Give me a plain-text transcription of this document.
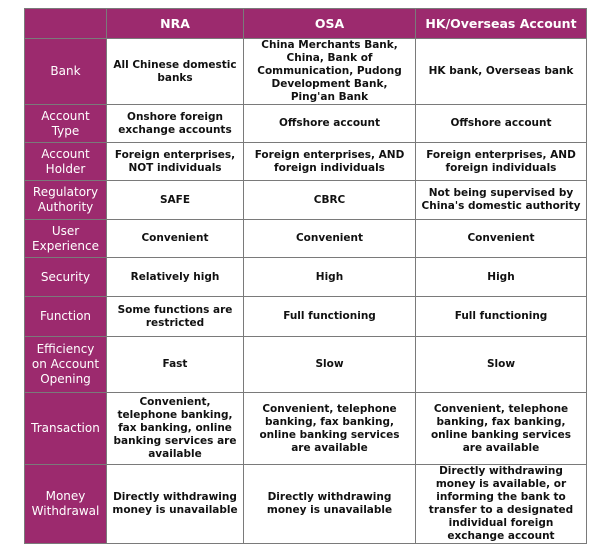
	NRA	OSA	HK/Overseas Account
Bank	All Chinese domestic banks	China Merchants Bank, China, Bank of Communication, Pudong Development Bank, Ping'an Bank	HK bank, Overseas bank
Account Type	Onshore foreign exchange accounts	Offshore account	Offshore account
Account Holder	Foreign enterprises, NOT individuals	Foreign enterprises, AND foreign individuals	Foreign enterprises, AND foreign individuals
Regulatory Authority	SAFE	CBRC	Not being supervised by China's domestic authority
User Experience	Convenient	Convenient	Convenient
Security	Relatively high	High	High
Function	Some functions are restricted	Full functioning	Full functioning
Efficiency on Account Opening	Fast	Slow	Slow
Transaction	Convenient, telephone banking, fax banking, online banking services are available	Convenient, telephone banking, fax banking, online banking services are available	Convenient, telephone banking, fax banking, online banking services are available
Money Withdrawal	Directly withdrawing money is unavailable	Directly withdrawing money is unavailable	Directly withdrawing money is available, or informing the bank to transfer to a designated individual foreign exchange account
